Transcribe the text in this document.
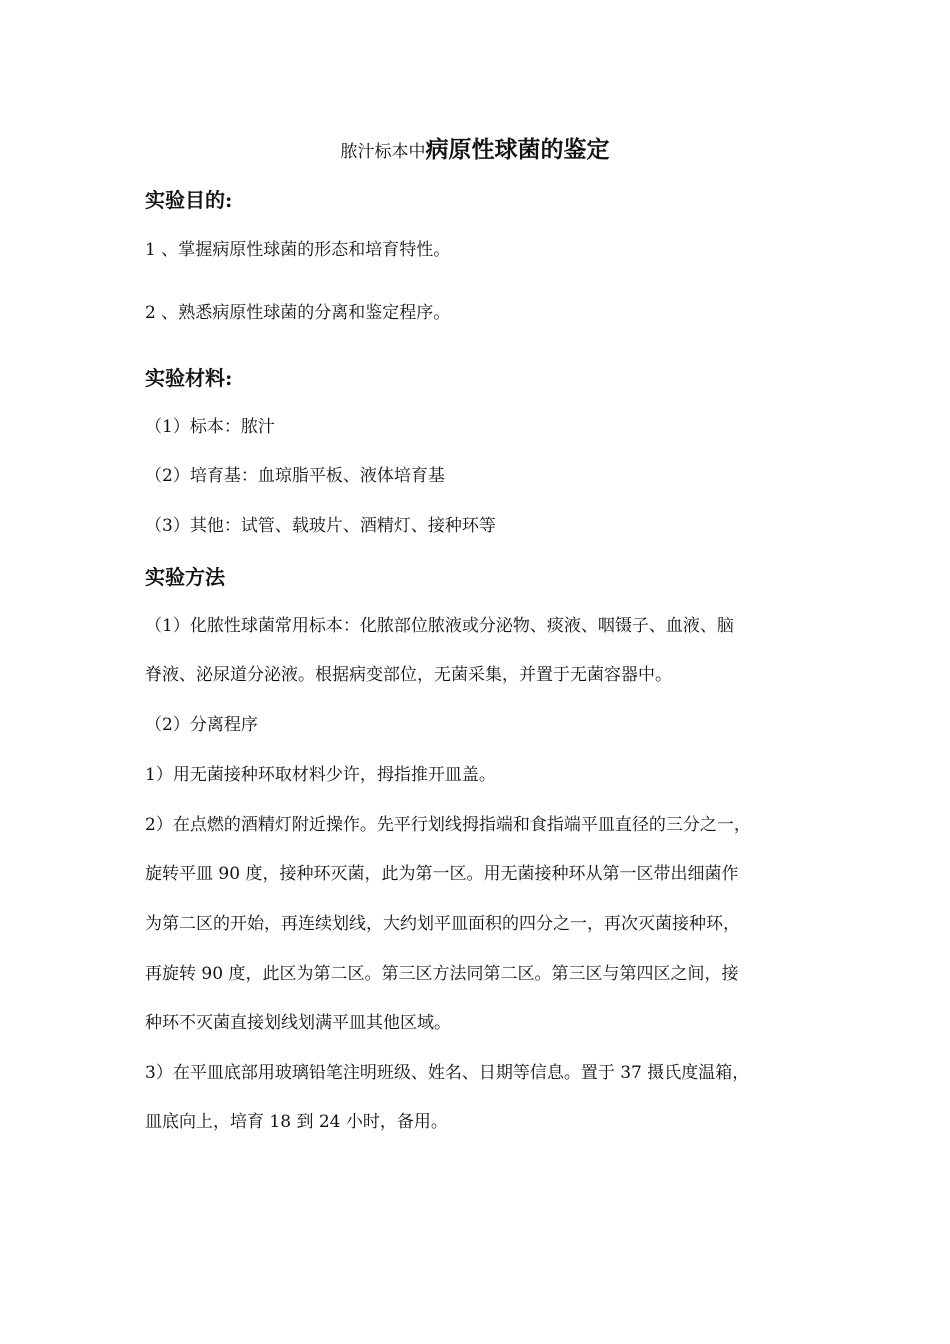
脓汁标本中病原性球菌的鉴定
实验目的:
1 、掌握病原性球菌的形态和培育特性。
2 、熟悉病原性球菌的分离和鉴定程序。
实验材料:
（1）标本：脓汁
（2）培育基：血琼脂平板、液体培育基
（3）其他：试管、载玻片、酒精灯、接种环等
实验方法
（1）化脓性球菌常用标本：化脓部位脓液或分泌物、痰液、咽镊子、血液、脑
脊液、泌尿道分泌液。根据病变部位，无菌采集，并置于无菌容器中。
（2）分离程序
1）用无菌接种环取材料少许，拇指推开皿盖。
2）在点燃的酒精灯附近操作。先平行划线拇指端和食指端平皿直径的三分之一，
旋转平皿 90 度，接种环灭菌，此为第一区。用无菌接种环从第一区带出细菌作
为第二区的开始，再连续划线，大约划平皿面积的四分之一，再次灭菌接种环，
再旋转 90 度，此区为第二区。第三区方法同第二区。第三区与第四区之间，接
种环不灭菌直接划线划满平皿其他区域。
3）在平皿底部用玻璃铅笔注明班级、姓名、日期等信息。置于 37 摄氏度温箱，
皿底向上，培育 18 到 24 小时，备用。
